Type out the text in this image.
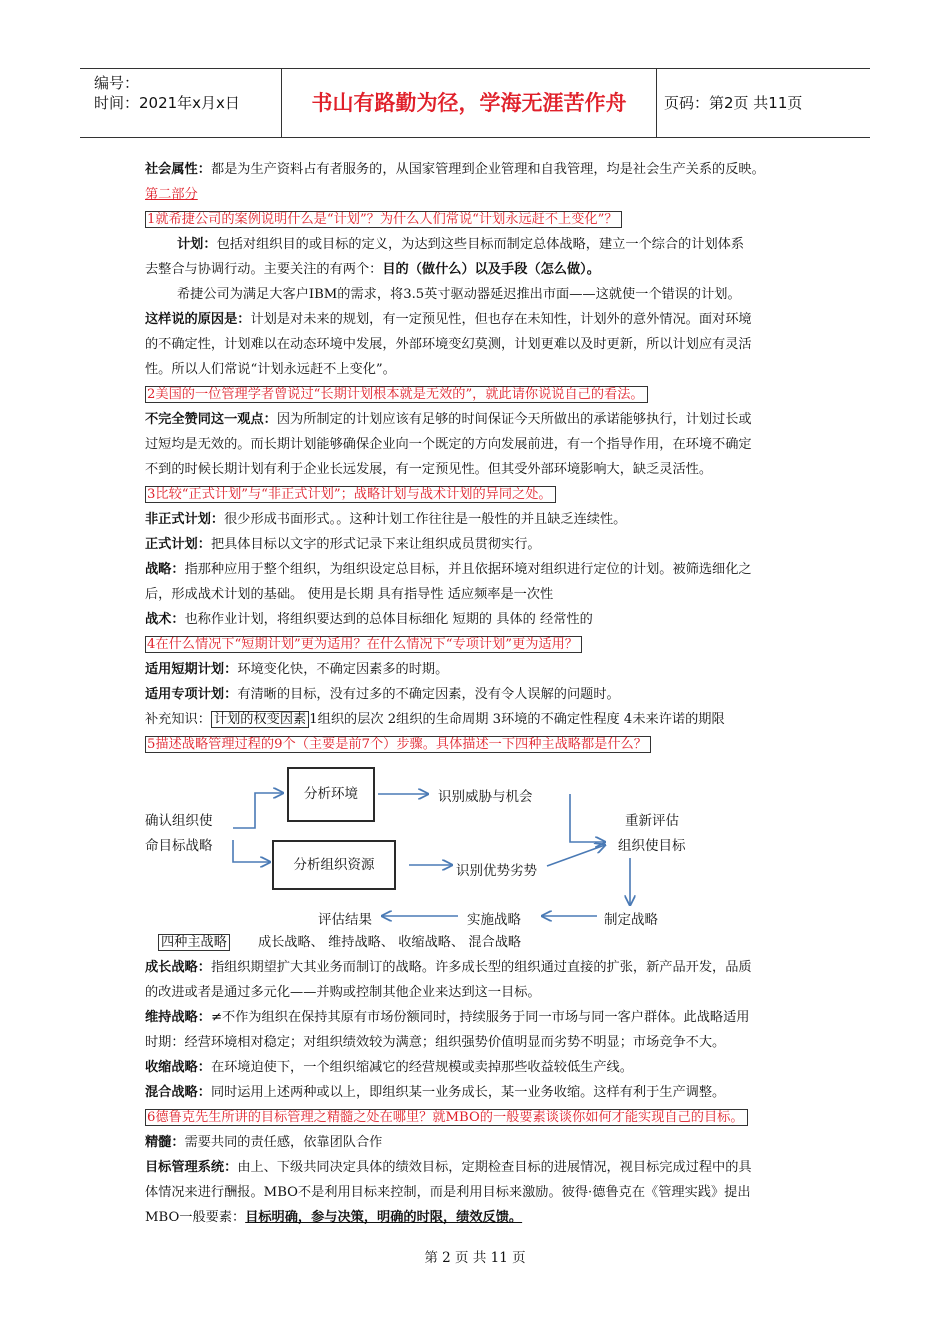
编号：
时间：2021年x月x日	书山有路勤为径，学海无涯苦作舟	页码：第2页 共11页
社会属性：都是为生产资料占有者服务的，从国家管理到企业管理和自我管理，均是社会生产关系的反映。
第二部分
1就希捷公司的案例说明什么是“计划”？为什么人们常说“计划永远赶不上变化”？
计划：包括对组织目的或目标的定义，为达到这些目标而制定总体战略，建立一个综合的计划体系
去整合与协调行动。主要关注的有两个：目的（做什么）以及手段（怎么做）。
希捷公司为满足大客户IBM的需求，将3.5英寸驱动器延迟推出市面——这就使一个错误的计划。
这样说的原因是：计划是对未来的规划，有一定预见性，但也存在未知性，计划外的意外情况。面对环境
的不确定性，计划难以在动态环境中发展，外部环境变幻莫测，计划更难以及时更新，所以计划应有灵活
性。所以人们常说“计划永远赶不上变化”。
2美国的一位管理学者曾说过“长期计划根本就是无效的”，就此请你说说自己的看法。
不完全赞同这一观点：因为所制定的计划应该有足够的时间保证今天所做出的承诺能够执行，计划过长或
过短均是无效的。而长期计划能够确保企业向一个既定的方向发展前进，有一个指导作用，在环境不确定
不到的时候长期计划有利于企业长远发展，有一定预见性。但其受外部环境影响大，缺乏灵活性。
3比较“正式计划”与“非正式计划”；战略计划与战术计划的异同之处。
非正式计划：很少形成书面形式。。这种计划工作往往是一般性的并且缺乏连续性。
正式计划：把具体目标以文字的形式记录下来让组织成员贯彻实行。
战略：指那种应用于整个组织，为组织设定总目标，并且依据环境对组织进行定位的计划。被筛选细化之
后，形成战术计划的基础。 使用是长期 具有指导性 适应频率是一次性
战术：也称作业计划，将组织要达到的总体目标细化 短期的 具体的 经常性的
4在什么情况下“短期计划”更为适用？在什么情况下“专项计划”更为适用？
适用短期计划：环境变化快，不确定因素多的时期。
适用专项计划：有清晰的目标，没有过多的不确定因素，没有令人误解的问题时。
补充知识： 计划的权变因素 1组织的层次 2组织的生命周期 3环境的不确定性程度 4未来许诺的期限
5描述战略管理过程的9个（主要是前7个）步骤。具体描述一下四种主战略都是什么？
确认组织使
命目标战略
分析环境
分析组织资源
识别威胁与机会
识别优势劣势
重新评估
组织使目标
制定战略
实施战略
评估结果
四种主战略 成长战略、 维持战略、 收缩战略、 混合战略
成长战略：指组织期望扩大其业务而制订的战略。许多成长型的组织通过直接的扩张，新产品开发，品质
的改进或者是通过多元化——并购或控制其他企业来达到这一目标。
维持战略：≠不作为组织在保持其原有市场份额同时，持续服务于同一市场与同一客户群体。此战略适用
时期：经营环境相对稳定；对组织绩效较为满意；组织强势价值明显而劣势不明显；市场竞争不大。
收缩战略：在环境迫使下，一个组织缩减它的经营规模或卖掉那些收益较低生产线。
混合战略：同时运用上述两种或以上，即组织某一业务成长，某一业务收缩。这样有利于生产调整。
6德鲁克先生所讲的目标管理之精髓之处在哪里？就MBO的一般要素谈谈你如何才能实现自己的目标。
精髓：需要共同的责任感，依靠团队合作
目标管理系统：由上、下级共同决定具体的绩效目标，定期检查目标的进展情况，视目标完成过程中的具
体情况来进行酬报。MBO不是利用目标来控制，而是利用目标来激励。彼得·德鲁克在《管理实践》提出
MBO一般要素：目标明确，参与决策，明确的时限，绩效反馈。
第 2 页 共 11 页
